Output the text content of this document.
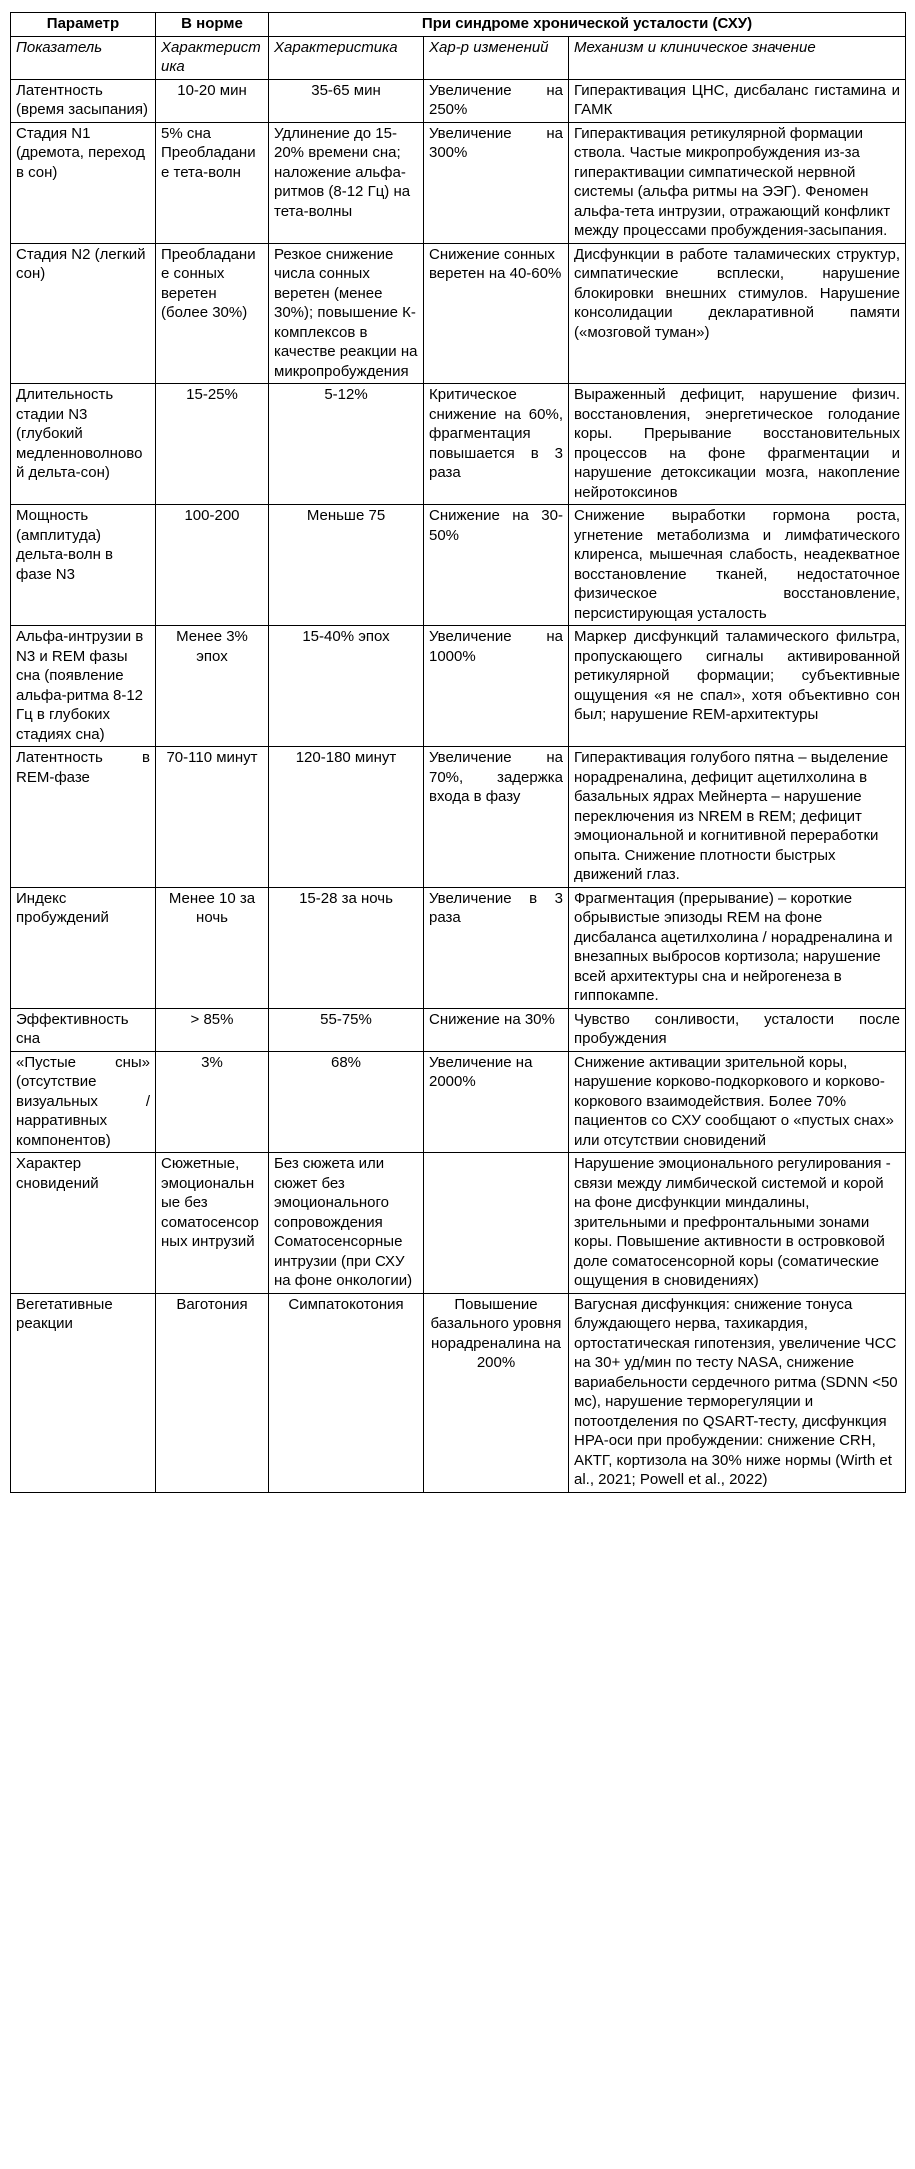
Параметр	В норме	При синдроме хронической усталости (СХУ)		
Показатель	Характеристика	Характеристика	Хар-р изменений	Механизм и клиническое значение
Латентность (время засыпания)	10-20 мин	35-65 мин	Увеличение на 250%	Гиперактивация ЦНС, дисбаланс гистамина и ГАМК
Стадия N1 (дремота, переход в сон)	5% сна Преобладание тета-волн	Удлинение до 15-20% времени сна; наложение альфа-ритмов (8-12 Гц) на тета-волны	Увеличение на 300%	Гиперактивация ретикулярной формации ствола. Частые микропробуждения из-за гиперактивации симпатической нервной системы (альфа ритмы на ЭЭГ). Феномен альфа-тета интрузии, отражающий конфликт между процессами пробуждения-засыпания.
Стадия N2 (легкий сон)	Преобладание сонных веретен (более 30%)	Резкое снижение числа сонных веретен (менее 30%); повышение К-комплексов в качестве реакции на микропробуждения	Снижение сонных веретен на 40-60%	Дисфункции в работе таламических структур, симпатические всплески, нарушение блокировки внешних стимулов. Нарушение консолидации декларативной памяти («мозговой туман»)
Длительность стадии N3 (глубокий медленноволновой дельта-сон)	15-25%	5-12%	Критическое снижение на 60%, фрагментация повышается в 3 раза	Выраженный дефицит, нарушение физич. восстановления, энергетическое голодание коры. Прерывание восстановительных процессов на фоне фрагментации и нарушение детоксикации мозга, накопление нейротоксинов
Мощность (амплитуда) дельта-волн в фазе N3	100-200	Меньше 75	Снижение на 30-50%	Снижение выработки гормона роста, угнетение метаболизма и лимфатического клиренса, мышечная слабость, неадекватное восстановление тканей, недостаточное физическое восстановление, персистирующая усталость
Альфа-интрузии в N3 и REM фазы сна (появление альфа-ритма 8-12 Гц в глубоких стадиях сна)	Менее 3% эпох	15-40% эпох	Увеличение на 1000%	Маркер дисфункций таламического фильтра, пропускающего сигналы активированной ретикулярной формации; субъективные ощущения «я не спал», хотя объективно сон был; нарушение REM-архитектуры
Латентность в REM-фазе	70-110 минут	120-180 минут	Увеличение на 70%, задержка входа в фазу	Гиперактивация голубого пятна – выделение норадреналина, дефицит ацетилхолина в базальных ядрах Мейнерта – нарушение переключения из NREM в REM; дефицит эмоциональной и когнитивной переработки опыта. Снижение плотности быстрых движений глаз.
Индекс пробуждений	Менее 10 за ночь	15-28 за ночь	Увеличение в 3 раза	Фрагментация (прерывание) – короткие обрывистые эпизоды REM на фоне дисбаланса ацетилхолина / норадреналина и внезапных выбросов кортизола; нарушение всей архитектуры сна и нейрогенеза в гиппокампе.
Эффективность сна	> 85%	55-75%	Снижение на 30%	Чувство сонливости, усталости после пробуждения
«Пустые сны» (отсутствие визуальных / нарративных компонентов)	3%	68%	Увеличение на 2000%	Снижение активации зрительной коры, нарушение корково-подкоркового и корково-коркового взаимодействия. Более 70% пациентов со СХУ сообщают о «пустых снах» или отсутствии сновидений
Характер сновидений	Сюжетные, эмоциональные без соматосенсорных интрузий	Без сюжета или сюжет без эмоционального сопровождения Соматосенсорные интрузии (при СХУ на фоне онкологии)		Нарушение эмоционального регулирования - связи между лимбической системой и корой на фоне дисфункции миндалины, зрительными и префронтальными зонами коры. Повышение активности в островковой доле соматосенсорной коры (соматические ощущения в сновидениях)
Вегетативные реакции	Ваготония	Симпатокотония	Повышение базального уровня норадреналина на 200%	Вагусная дисфункция: снижение тонуса блуждающего нерва, тахикардия, ортостатическая гипотензия, увеличение ЧСС на 30+ уд/мин по тесту NASA, снижение вариабельности сердечного ритма (SDNN <50 мс), нарушение терморегуляции и потоотделения по QSART-тесту, дисфункция HPA-оси при пробуждении: снижение CRH, АКТГ, кортизола на 30% ниже нормы (Wirth et al., 2021; Powell et al., 2022)
